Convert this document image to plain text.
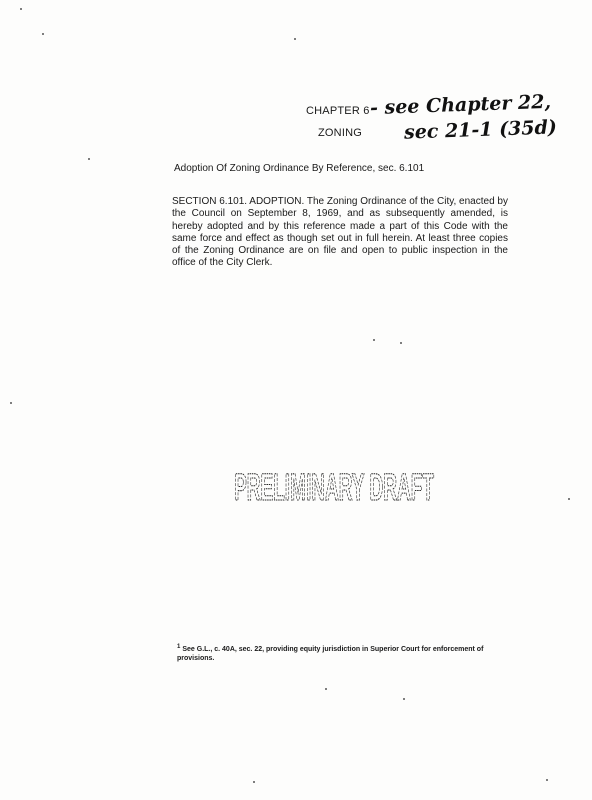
CHAPTER 6
ZONING
- see Chapter 22,
sec 21-1 (35d)
Adoption Of Zoning Ordinance By Reference, sec. 6.101

SECTION 6.101. ADOPTION. The Zoning Ordinance of the City, enacted by the Council on September 8, 1969, and as subsequently amended, is hereby adopted and by this reference made a part of this Code with the same force and effect as though set out in full herein. At least three copies of the Zoning Ordinance are on file and open to public inspection in the office of the City Clerk.

PRELIMINARY DRAFT

$^1$ See G.L., c. 40A, sec. 22, providing equity jurisdiction in Superior Court for enforcement of provisions.
